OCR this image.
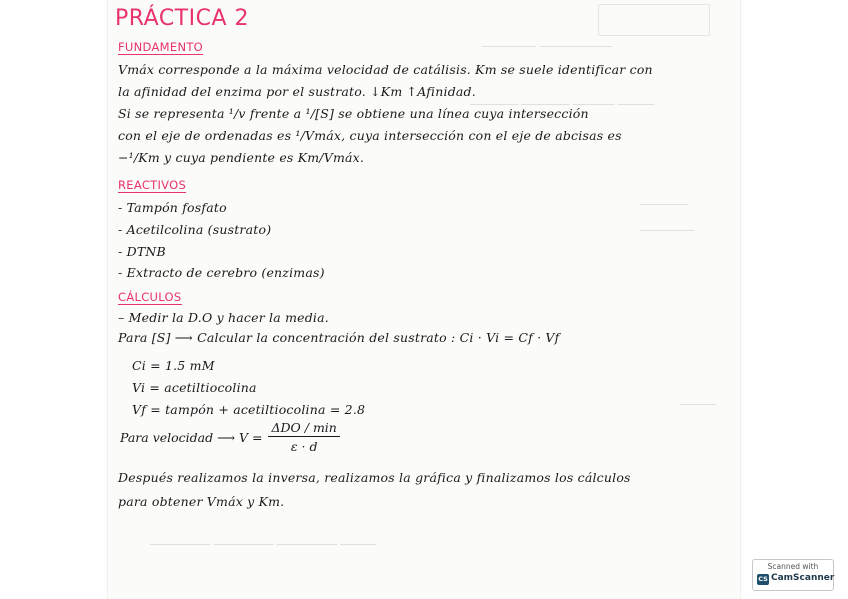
───────── ────────────
──────── ──────── ─────── ──────
────────
─────────
──────
────────── ────────── ────────── ──────
PRÁCTICA 2
FUNDAMENTO
Vmáx corresponde a la máxima velocidad de catálisis. Km se suele identificar con
la afinidad del enzima por el sustrato. ↓Km ↑Afinidad.
Si se representa ¹/v frente a ¹/[S] se obtiene una línea cuya intersección
con el eje de ordenadas es ¹/Vmáx, cuya intersección con el eje de abcisas es
−¹/Km y cuya pendiente es Km/Vmáx.
REACTIVOS
- Tampón fosfato
- Acetilcolina (sustrato)
- DTNB
- Extracto de cerebro (enzimas)
CÁLCULOS
– Medir la D.O y hacer la media.
Para [S] ⟶ Calcular la concentración del sustrato : Ci · Vi = Cf · Vf
Ci = 1.5 mM
Vi = acetiltiocolina
Vf = tampón + acetiltiocolina = 2.8
Para velocidad ⟶ $V = \frac{\text{ΔDO / min}}{\varepsilon \cdot d}$
Después realizamos la inversa, realizamos la gráfica y finalizamos los cálculos
para obtener Vmáx y Km.
Scanned with
CS CamScanner
